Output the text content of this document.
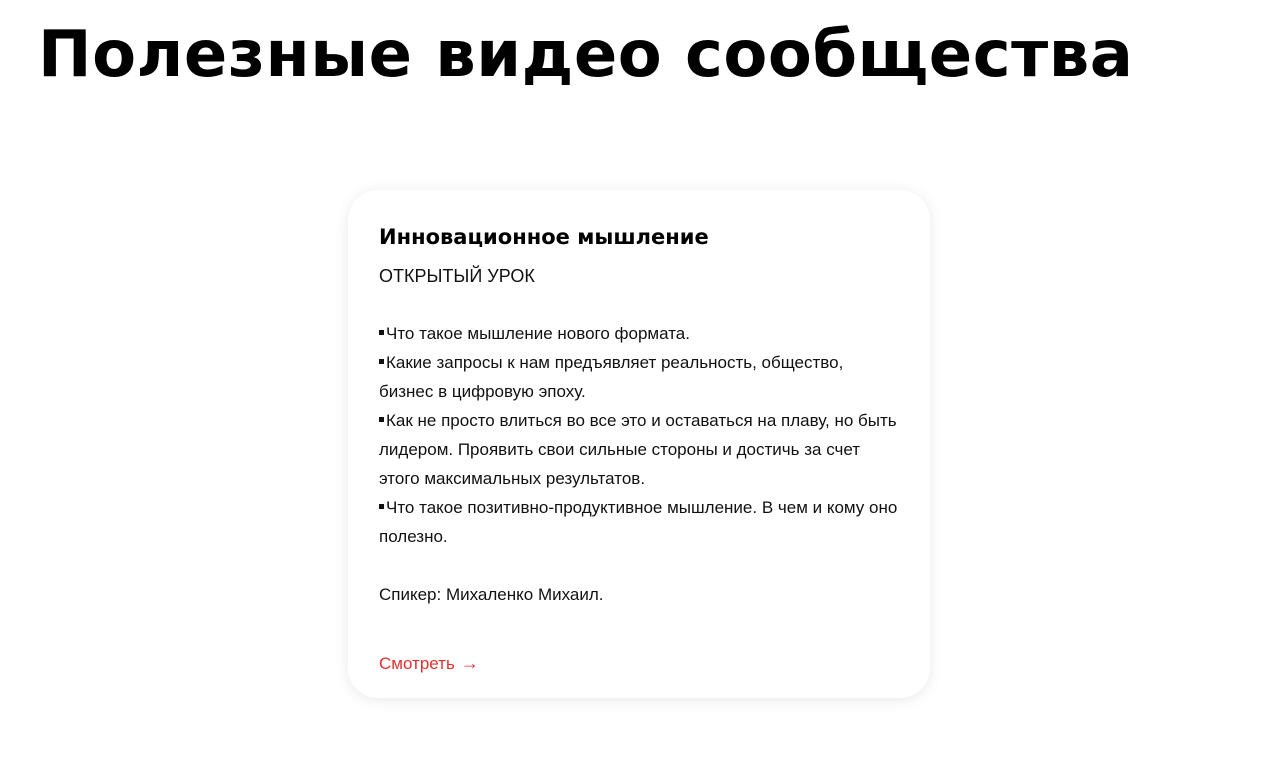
Полезные видео сообщества
Инновационное мышление
ОТКРЫТЫЙ УРОК
Что такое мышление нового формата.
Какие запросы к нам предъявляет реальность, общество, бизнес в цифровую эпоху.
Как не просто влиться во все это и оставаться на плаву, но быть лидером. Проявить свои сильные стороны и достичь за счет этого максимальных результатов.
Что такое позитивно-продуктивное мышление. В чем и кому оно полезно.
Спикер: Михаленко Михаил.
Смотреть →
